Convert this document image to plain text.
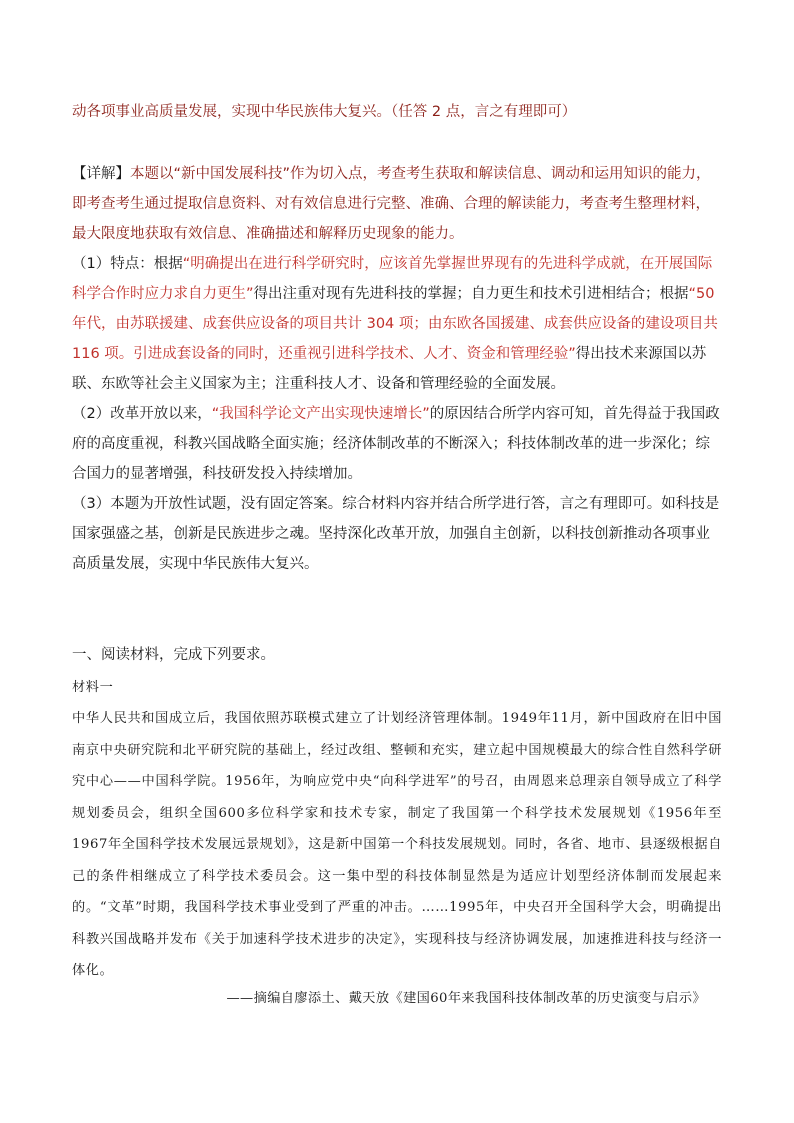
动各项事业高质量发展，实现中华民族伟大复兴。（任答 2 点，言之有理即可）

【详解】本题以“新中国发展科技”作为切入点，考查考生获取和解读信息、调动和运用知识的能力，即考查考生通过提取信息资料、对有效信息进行完整、准确、合理的解读能力，考查考生整理材料，最大限度地获取有效信息、准确描述和解释历史现象的能力。

（1）特点：根据“明确提出在进行科学研究时，应该首先掌握世界现有的先进科学成就，在开展国际科学合作时应力求自力更生”得出注重对现有先进科技的掌握；自力更生和技术引进相结合；根据“50 年代，由苏联援建、成套供应设备的项目共计 304 项；由东欧各国援建、成套供应设备的建设项目共 116 项。引进成套设备的同时，还重视引进科学技术、人才、资金和管理经验”得出技术来源国以苏联、东欧等社会主义国家为主；注重科技人才、设备和管理经验的全面发展。

（2）改革开放以来，“我国科学论文产出实现快速增长”的原因结合所学内容可知，首先得益于我国政府的高度重视，科教兴国战略全面实施；经济体制改革的不断深入；科技体制改革的进一步深化；综合国力的显著增强，科技研发投入持续增加。

（3）本题为开放性试题，没有固定答案。综合材料内容并结合所学进行答，言之有理即可。如科技是国家强盛之基，创新是民族进步之魂。坚持深化改革开放，加强自主创新，以科技创新推动各项事业高质量发展，实现中华民族伟大复兴。

一、阅读材料，完成下列要求。
材料一
中华人民共和国成立后，我国依照苏联模式建立了计划经济管理体制。1949年11月，新中国政府在旧中国南京中央研究院和北平研究院的基础上，经过改组、整顿和充实，建立起中国规模最大的综合性自然科学研究中心——中国科学院。1956年，为响应党中央“向科学进军”的号召，由周恩来总理亲自领导成立了科学规划委员会，组织全国600多位科学家和技术专家，制定了我国第一个科学技术发展规划《1956年至1967年全国科学技术发展远景规划》，这是新中国第一个科技发展规划。同时，各省、地市、县逐级根据自己的条件相继成立了科学技术委员会。这一集中型的科技体制显然是为适应计划型经济体制而发展起来的。“文革”时期，我国科学技术事业受到了严重的冲击。……1995年，中央召开全国科学大会，明确提出科教兴国战略并发布《关于加速科学技术进步的决定》，实现科技与经济协调发展，加速推进科技与经济一体化。
——摘编自廖添土、戴天放《建国60年来我国科技体制改革的历史演变与启示》
